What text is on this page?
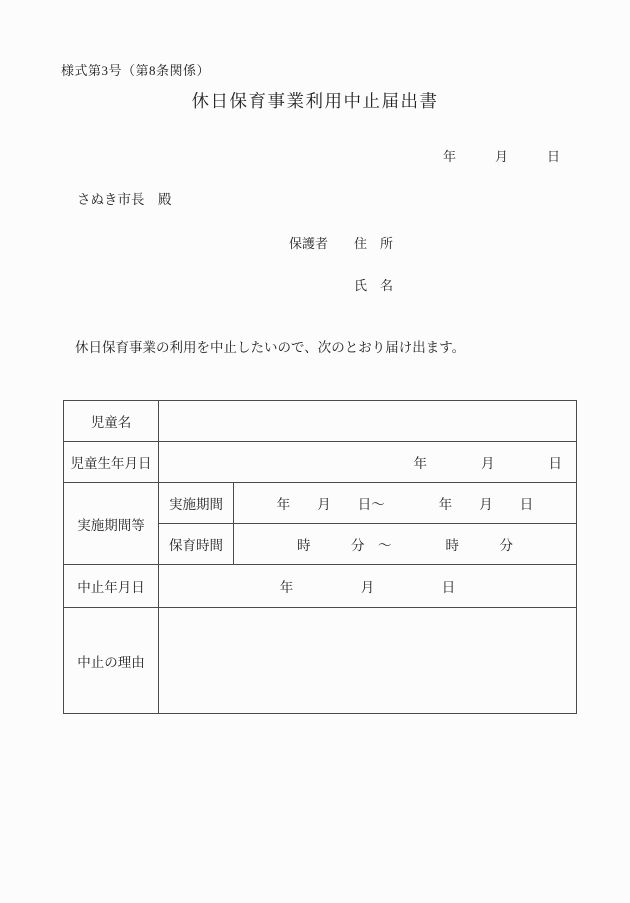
様式第3号（第8条関係）
休日保育事業利用中止届出書
年　　　月　　　日
さぬき市長　殿
保護者 住　所
氏　名

休日保育事業の利用を中止したいので、次のとおり届け出ます。

児童名		
児童生年月日	年　　　　月　　　　日	
実施期間等	実施期間	年　　月　　日～　　　　年　　月　　日
	保育時間	時　　　分　～　　　　時　　　分
中止年月日	年　　　　　月　　　　　日	
中止の理由		
